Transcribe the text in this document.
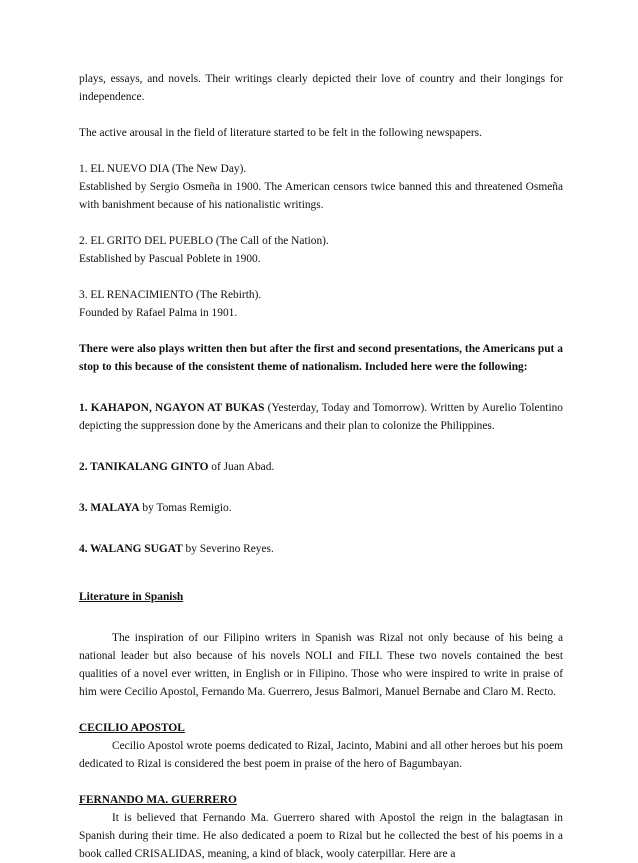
plays, essays, and novels. Their writings clearly depicted their love of country and their longings for independence.

The active arousal in the field of literature started to be felt in the following newspapers.

1. EL NUEVO DIA (The New Day).

Established by Sergio Osmeña in 1900. The American censors twice banned this and threatened Osmeña with banishment because of his nationalistic writings.

2. EL GRITO DEL PUEBLO (The Call of the Nation).

Established by Pascual Poblete in 1900.

3. EL RENACIMIENTO (The Rebirth).

Founded by Rafael Palma in 1901.

There were also plays written then but after the first and second presentations, the Americans put a stop to this because of the consistent theme of nationalism. Included here were the following:

1. KAHAPON, NGAYON AT BUKAS (Yesterday, Today and Tomorrow). Written by Aurelio Tolentino depicting the suppression done by the Americans and their plan to colonize the Philippines.

2. TANIKALANG GINTO of Juan Abad.

3. MALAYA by Tomas Remigio.

4. WALANG SUGAT by Severino Reyes.

Literature in Spanish

The inspiration of our Filipino writers in Spanish was Rizal not only because of his being a national leader but also because of his novels NOLI and FILI. These two novels contained the best qualities of a novel ever written, in English or in Filipino. Those who were inspired to write in praise of him were Cecilio Apostol, Fernando Ma. Guerrero, Jesus Balmori, Manuel Bernabe and Claro M. Recto.

CECILIO APOSTOL

Cecilio Apostol wrote poems dedicated to Rizal, Jacinto, Mabini and all other heroes but his poem dedicated to Rizal is considered the best poem in praise of the hero of Bagumbayan.

FERNANDO MA. GUERRERO

It is believed that Fernando Ma. Guerrero shared with Apostol the reign in the balagtasan in Spanish during their time. He also dedicated a poem to Rizal but he collected the best of his poems in a book called CRISALIDAS, meaning, a kind of black, wooly caterpillar. Here are a
